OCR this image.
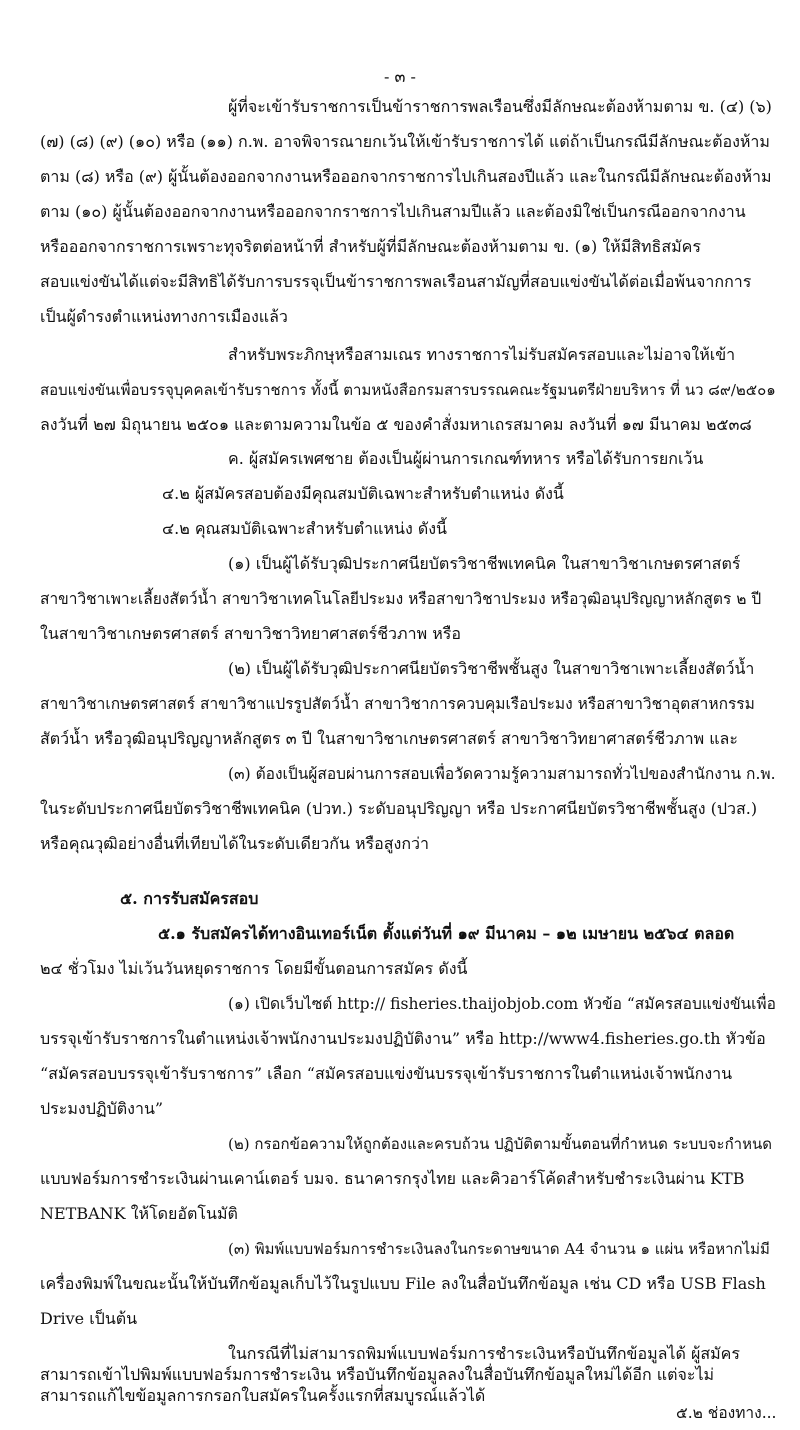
- ๓ -
ผู้ที่จะเข้ารับราชการเป็นข้าราชการพลเรือนซึ่งมีลักษณะต้องห้ามตาม ข. (๔) (๖)
(๗) (๘) (๙) (๑๐) หรือ (๑๑) ก.พ. อาจพิจารณายกเว้นให้เข้ารับราชการได้ แต่ถ้าเป็นกรณีมีลักษณะต้องห้าม
ตาม (๘) หรือ (๙) ผู้นั้นต้องออกจากงานหรือออกจากราชการไปเกินสองปีแล้ว และในกรณีมีลักษณะต้องห้าม
ตาม (๑๐) ผู้นั้นต้องออกจากงานหรือออกจากราชการไปเกินสามปีแล้ว และต้องมิใช่เป็นกรณีออกจากงาน
หรือออกจากราชการเพราะทุจริตต่อหน้าที่ สำหรับผู้ที่มีลักษณะต้องห้ามตาม ข. (๑) ให้มีสิทธิสมัคร
สอบแข่งขันได้แต่จะมีสิทธิได้รับการบรรจุเป็นข้าราชการพลเรือนสามัญที่สอบแข่งขันได้ต่อเมื่อพ้นจากการ
เป็นผู้ดำรงตำแหน่งทางการเมืองแล้ว
สำหรับพระภิกษุหรือสามเณร ทางราชการไม่รับสมัครสอบและไม่อาจให้เข้า
สอบแข่งขันเพื่อบรรจุบุคคลเข้ารับราชการ ทั้งนี้ ตามหนังสือกรมสารบรรณคณะรัฐมนตรีฝ่ายบริหาร ที่ นว ๘๙/๒๕๐๑
ลงวันที่ ๒๗ มิถุนายน ๒๕๐๑ และตามความในข้อ ๕ ของคำสั่งมหาเถรสมาคม ลงวันที่ ๑๗ มีนาคม ๒๕๓๘
ค. ผู้สมัครเพศชาย ต้องเป็นผู้ผ่านการเกณฑ์ทหาร หรือได้รับการยกเว้น
๔.๒ ผู้สมัครสอบต้องมีคุณสมบัติเฉพาะสำหรับตำแหน่ง ดังนี้
๔.๒ คุณสมบัติเฉพาะสำหรับตำแหน่ง ดังนี้
(๑) เป็นผู้ได้รับวุฒิประกาศนียบัตรวิชาชีพเทคนิค ในสาขาวิชาเกษตรศาสตร์
สาขาวิชาเพาะเลี้ยงสัตว์น้ำ สาขาวิชาเทคโนโลยีประมง หรือสาขาวิชาประมง หรือวุฒิอนุปริญญาหลักสูตร ๒ ปี
ในสาขาวิชาเกษตรศาสตร์ สาขาวิชาวิทยาศาสตร์ชีวภาพ หรือ
(๒) เป็นผู้ได้รับวุฒิประกาศนียบัตรวิชาชีพชั้นสูง ในสาขาวิชาเพาะเลี้ยงสัตว์น้ำ
สาขาวิชาเกษตรศาสตร์ สาขาวิชาแปรรูปสัตว์น้ำ สาขาวิชาการควบคุมเรือประมง หรือสาขาวิชาอุตสาหกรรม
สัตว์น้ำ หรือวุฒิอนุปริญญาหลักสูตร ๓ ปี ในสาขาวิชาเกษตรศาสตร์ สาขาวิชาวิทยาศาสตร์ชีวภาพ และ
(๓) ต้องเป็นผู้สอบผ่านการสอบเพื่อวัดความรู้ความสามารถทั่วไปของสำนักงาน ก.พ.
ในระดับประกาศนียบัตรวิชาชีพเทคนิค (ปวท.) ระดับอนุปริญญา หรือ ประกาศนียบัตรวิชาชีพชั้นสูง (ปวส.)
หรือคุณวุฒิอย่างอื่นที่เทียบได้ในระดับเดียวกัน หรือสูงกว่า
๕. การรับสมัครสอบ
๕.๑ รับสมัครได้ทางอินเทอร์เน็ต ตั้งแต่วันที่ ๑๙ มีนาคม – ๑๒ เมษายน ๒๕๖๔ ตลอด
๒๔ ชั่วโมง ไม่เว้นวันหยุดราชการ โดยมีขั้นตอนการสมัคร ดังนี้
(๑) เปิดเว็บไซต์ http:// fisheries.thaijobjob.com หัวข้อ “สมัครสอบแข่งขันเพื่อ
บรรจุเข้ารับราชการในตำแหน่งเจ้าพนักงานประมงปฏิบัติงาน” หรือ http://www4.fisheries.go.th หัวข้อ
“สมัครสอบบรรจุเข้ารับราชการ” เลือก “สมัครสอบแข่งขันบรรจุเข้ารับราชการในตำแหน่งเจ้าพนักงาน
ประมงปฏิบัติงาน”
(๒) กรอกข้อความให้ถูกต้องและครบถ้วน ปฏิบัติตามขั้นตอนที่กำหนด ระบบจะกำหนด
แบบฟอร์มการชำระเงินผ่านเคาน์เตอร์ บมจ. ธนาคารกรุงไทย และคิวอาร์โค้ดสำหรับชำระเงินผ่าน KTB
NETBANK ให้โดยอัตโนมัติ
(๓) พิมพ์แบบฟอร์มการชำระเงินลงในกระดาษขนาด A4 จำนวน ๑ แผ่น หรือหากไม่มี
เครื่องพิมพ์ในขณะนั้นให้บันทึกข้อมูลเก็บไว้ในรูปแบบ File ลงในสื่อบันทึกข้อมูล เช่น CD หรือ USB Flash
Drive เป็นต้น
ในกรณีที่ไม่สามารถพิมพ์แบบฟอร์มการชำระเงินหรือบันทึกข้อมูลได้ ผู้สมัคร
สามารถเข้าไปพิมพ์แบบฟอร์มการชำระเงิน หรือบันทึกข้อมูลลงในสื่อบันทึกข้อมูลใหม่ได้อีก แต่จะไม่
สามารถแก้ไขข้อมูลการกรอกใบสมัครในครั้งแรกที่สมบูรณ์แล้วได้
๕.๒ ช่องทาง...
